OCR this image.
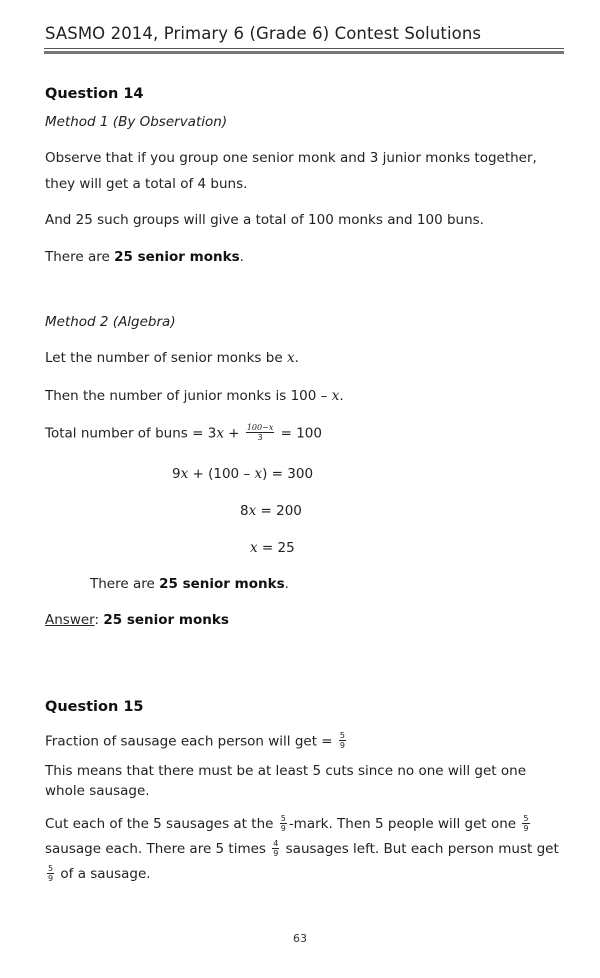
SASMO 2014, Primary 6 (Grade 6) Contest Solutions
Question 14
Method 1 (By Observation)
Observe that if you group one senior monk and 3 junior monks together, they will get a total of 4 buns.
And 25 such groups will give a total of 100 monks and 100 buns.
There are 25 senior monks.
Method 2 (Algebra)
Let the number of senior monks be x.
Then the number of junior monks is 100 – x.
Total number of buns = $3x + \frac{100-x}{3} = 100$
9x + (100 – x) = 300
8x = 200
x = 25
There are 25 senior monks.
Answer: 25 senior monks
Question 15
Fraction of sausage each person will get = $\frac{5}{9}$
This means that there must be at least 5 cuts since no one will get one whole sausage.
Cut each of the 5 sausages at the $\frac{5}{9}$ -mark. Then 5 people will get one $\frac{5}{9}$
sausage each. There are 5 times $\frac{4}{9}$ sausages left. But each person must get
$\frac{5}{9}$ of a sausage.
63
